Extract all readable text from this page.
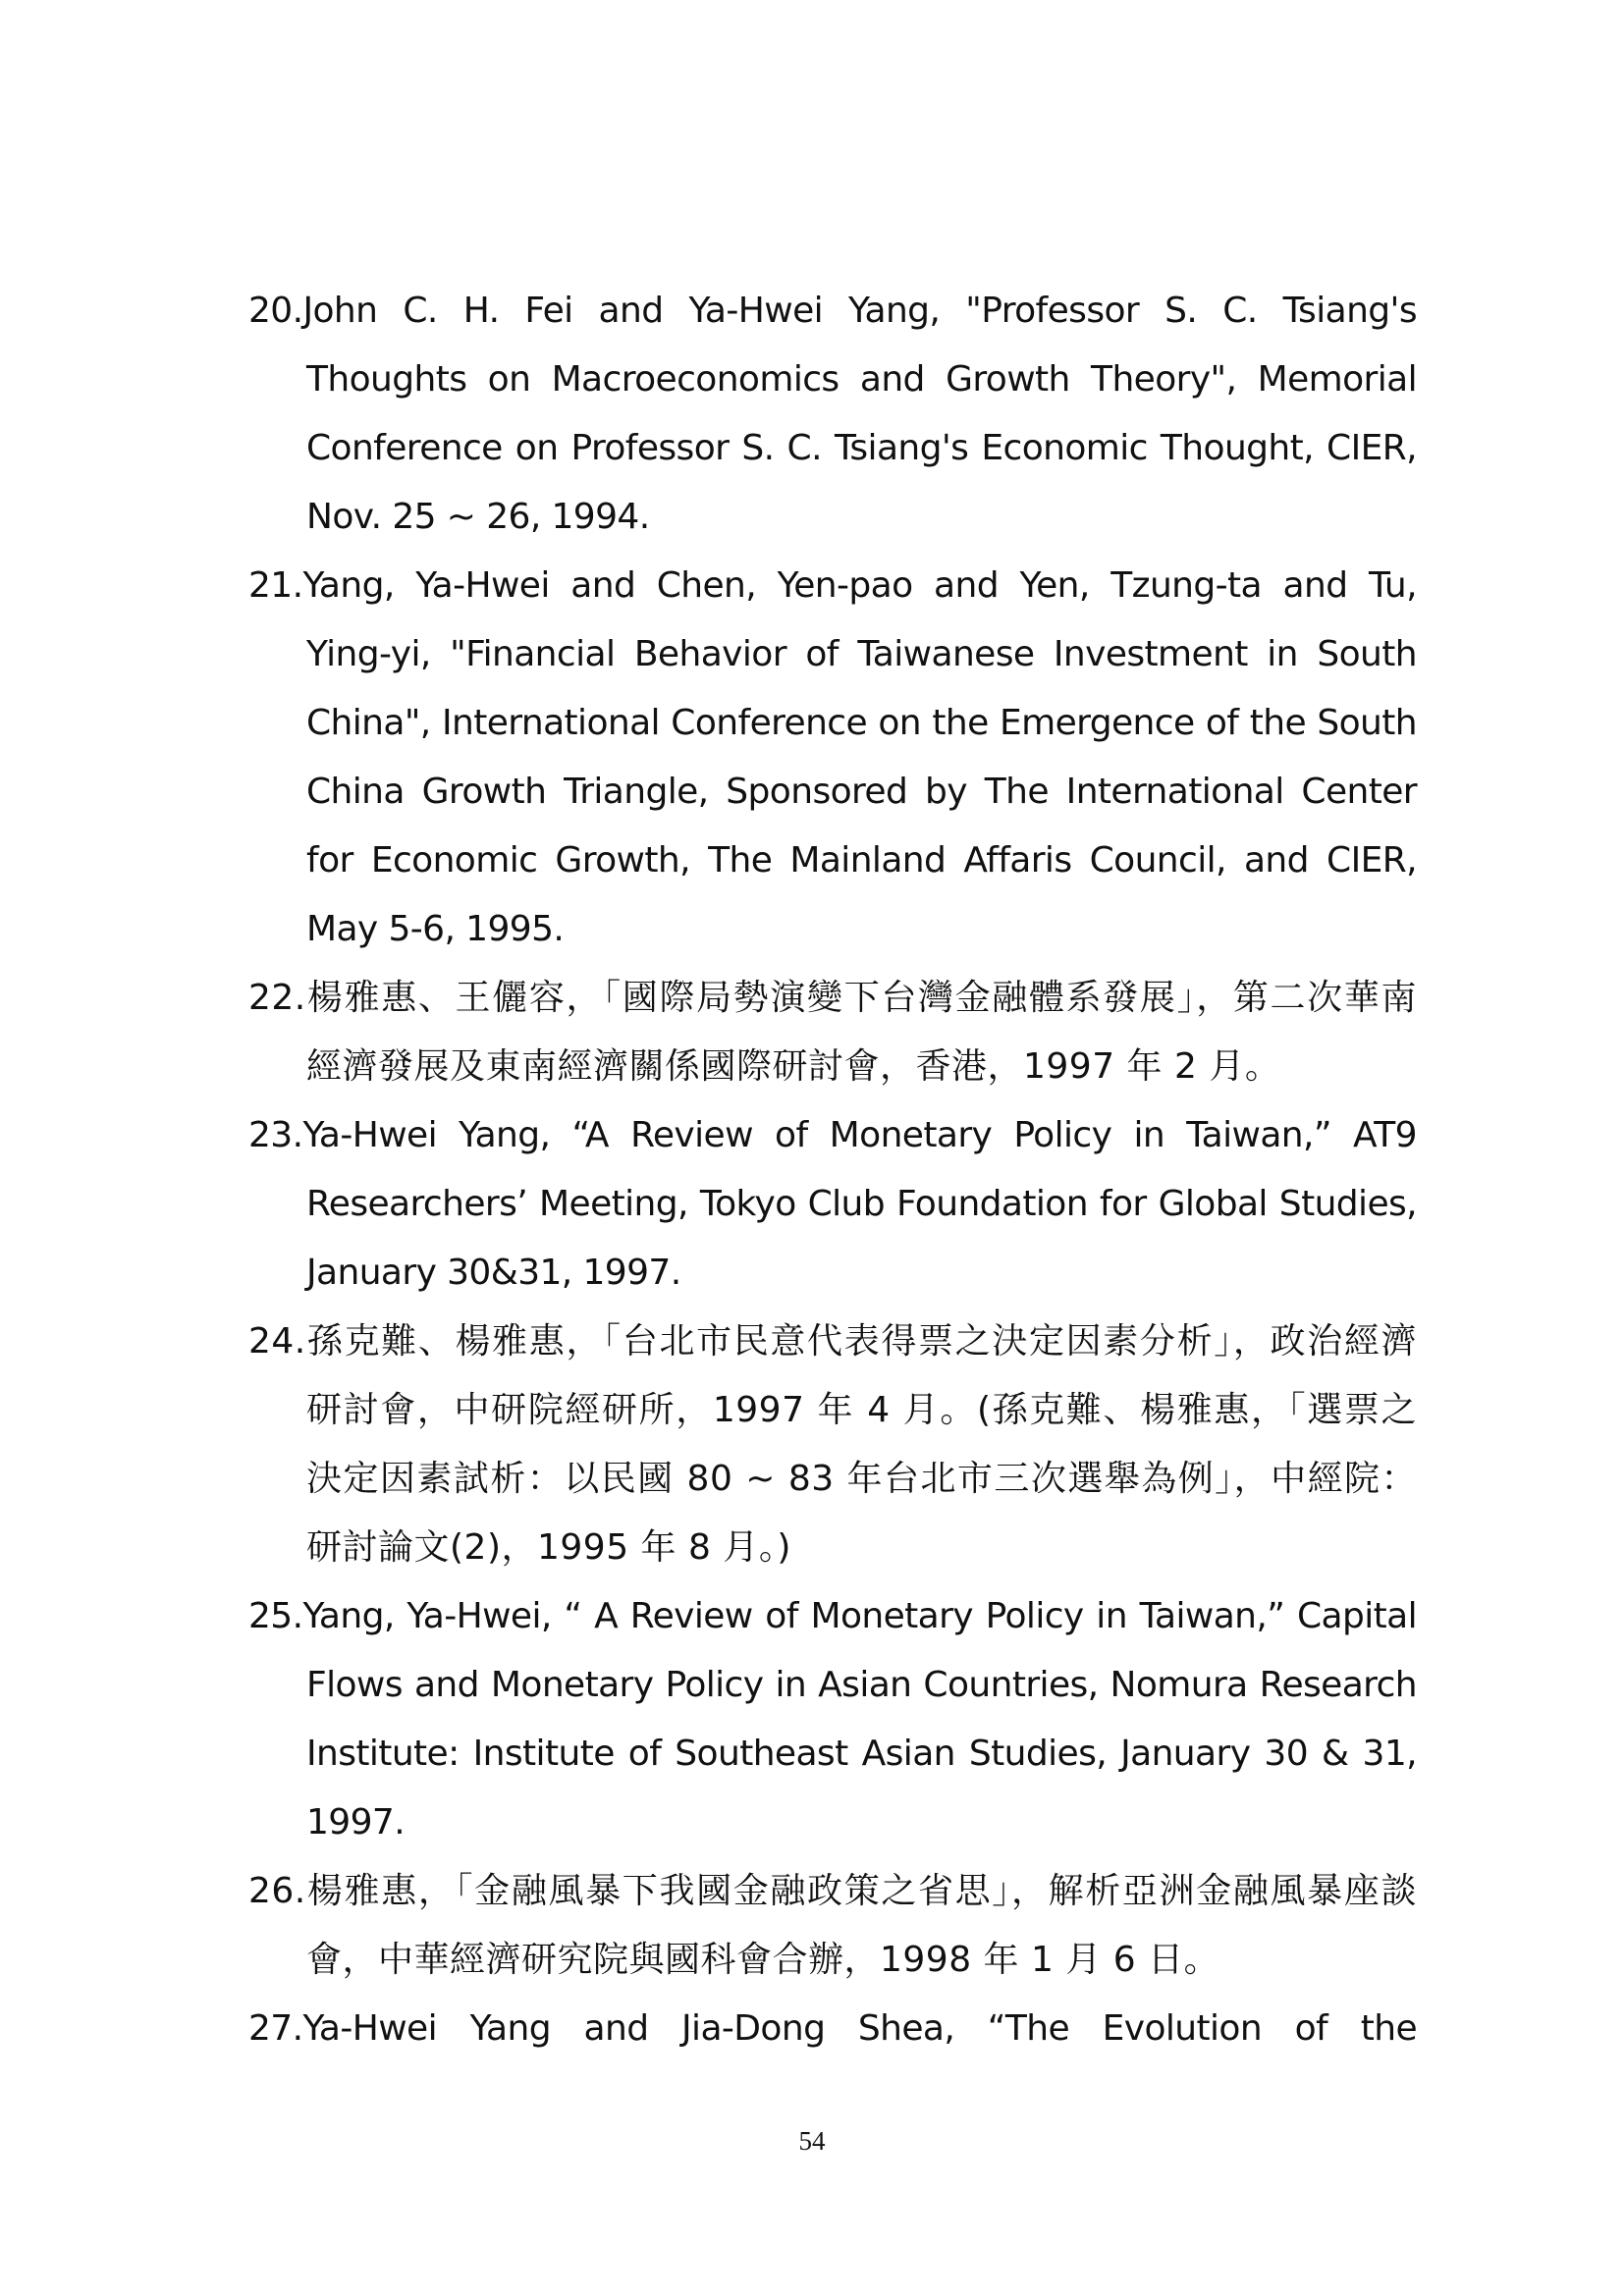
20.John C. H. Fei and Ya-Hwei Yang, "Professor S. C. Tsiang's Thoughts on Macroeconomics and Growth Theory", Memorial Conference on Professor S. C. Tsiang's Economic Thought, CIER, Nov. 25 ~ 26, 1994.
21.Yang, Ya-Hwei and Chen, Yen-pao and Yen, Tzung-ta and Tu, Ying-yi, "Financial Behavior of Taiwanese Investment in South China", International Conference on the Emergence of the South China Growth Triangle, Sponsored by The International Center for Economic Growth, The Mainland Affaris Council, and CIER, May 5-6, 1995.
22.楊雅惠、王儷容，「國際局勢演變下台灣金融體系發展」，第二次華南經濟發展及東南經濟關係國際研討會，香港，1997 年 2 月。
23.Ya-Hwei Yang, “A Review of Monetary Policy in Taiwan,” AT9 Researchers’ Meeting, Tokyo Club Foundation for Global Studies, January 30&31, 1997.
24.孫克難、楊雅惠，「台北市民意代表得票之決定因素分析」，政治經濟研討會，中研院經研所，1997 年 4 月。(孫克難、楊雅惠，「選票之決定因素試析：以民國 80 ~ 83 年台北市三次選舉為例」，中經院：研討論文(2)，1995 年 8 月。)
25.Yang, Ya-Hwei, “ A Review of Monetary Policy in Taiwan,” Capital Flows and Monetary Policy in Asian Countries, Nomura Research Institute: Institute of Southeast Asian Studies, January 30 & 31, 1997.
26.楊雅惠，「金融風暴下我國金融政策之省思」，解析亞洲金融風暴座談會，中華經濟研究院與國科會合辦，1998 年 1 月 6 日。
27.Ya-Hwei Yang and Jia-Dong Shea, “The Evolution of the
54
